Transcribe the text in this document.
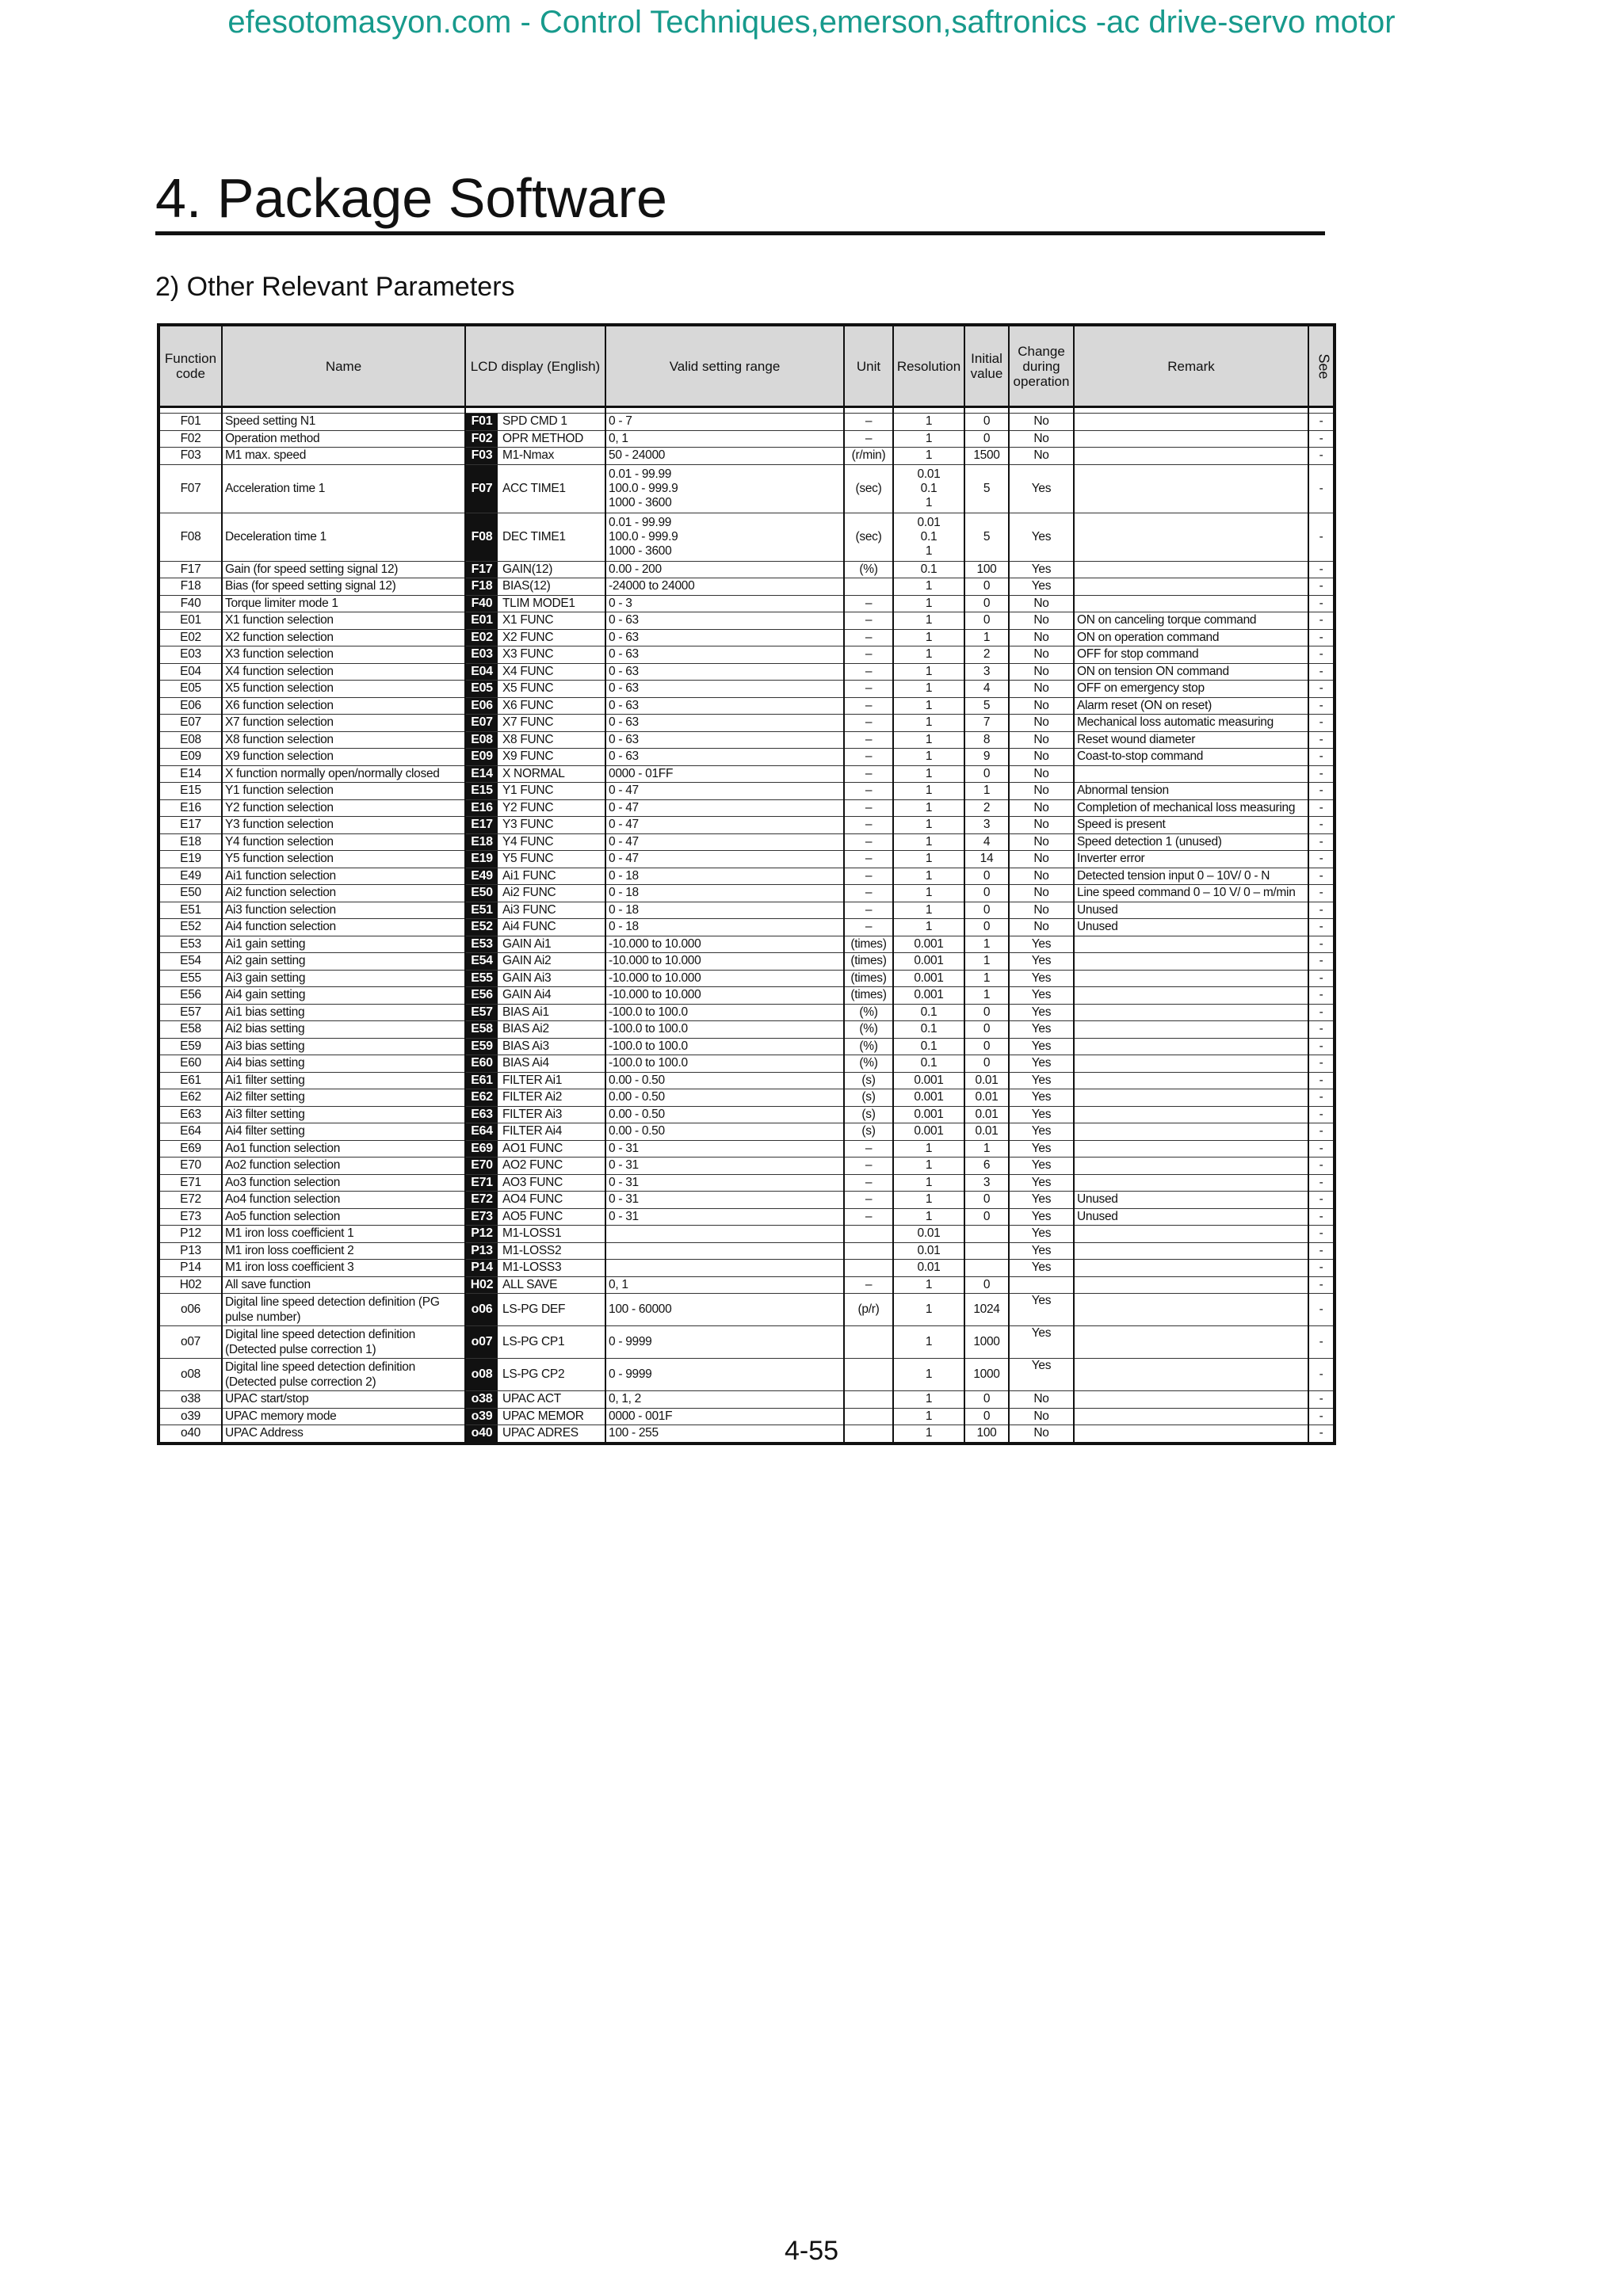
efesotomasyon.com - Control Techniques,emerson,saftronics -ac drive-servo motor
4. Package Software
2) Other Relevant Parameters
Function code	Name	LCD display (English)	Valid setting range	Unit	Resolution	Initial value	Change during operation	Remark	See

F01	Speed setting N1	F01 SPD CMD 1	0 - 7	–	1	0	No		-
F02	Operation method	F02 OPR METHOD	0, 1	–	1	0	No		-
F03	M1 max. speed	F03 M1-Nmax	50 - 24000	(r/min)	1	1500	No		-
F07	Acceleration time 1	F07 ACC TIME1	0.01 - 99.99
100.0 - 999.9
1000 - 3600	(sec)	0.01
0.1
1	5	Yes		-
F08	Deceleration time 1	F08 DEC TIME1	0.01 - 99.99
100.0 - 999.9
1000 - 3600	(sec)	0.01
0.1
1	5	Yes		-
F17	Gain (for speed setting signal 12)	F17 GAIN(12)	0.00 - 200	(%)	0.1	100	Yes		-
F18	Bias (for speed setting signal 12)	F18 BIAS(12)	-24000 to 24000		1	0	Yes		-
F40	Torque limiter mode 1	F40 TLIM MODE1	0 - 3	–	1	0	No		-
E01	X1 function selection	E01 X1 FUNC	0 - 63	–	1	0	No	ON on canceling torque command	-
E02	X2 function selection	E02 X2 FUNC	0 - 63	–	1	1	No	ON on operation command	-
E03	X3 function selection	E03 X3 FUNC	0 - 63	–	1	2	No	OFF for stop command	-
E04	X4 function selection	E04 X4 FUNC	0 - 63	–	1	3	No	ON on tension ON command	-
E05	X5 function selection	E05 X5 FUNC	0 - 63	–	1	4	No	OFF on emergency stop	-
E06	X6 function selection	E06 X6 FUNC	0 - 63	–	1	5	No	Alarm reset (ON on reset)	-
E07	X7 function selection	E07 X7 FUNC	0 - 63	–	1	7	No	Mechanical loss automatic measuring	-
E08	X8 function selection	E08 X8 FUNC	0 - 63	–	1	8	No	Reset wound diameter	-
E09	X9 function selection	E09 X9 FUNC	0 - 63	–	1	9	No	Coast-to-stop command	-
E14	X function normally open/normally closed	E14 X NORMAL	0000 - 01FF	–	1	0	No		-
E15	Y1 function selection	E15 Y1 FUNC	0 - 47	–	1	1	No	Abnormal tension	-
E16	Y2 function selection	E16 Y2 FUNC	0 - 47	–	1	2	No	Completion of mechanical loss measuring	-
E17	Y3 function selection	E17 Y3 FUNC	0 - 47	–	1	3	No	Speed is present	-
E18	Y4 function selection	E18 Y4 FUNC	0 - 47	–	1	4	No	Speed detection 1 (unused)	-
E19	Y5 function selection	E19 Y5 FUNC	0 - 47	–	1	14	No	Inverter error	-
E49	Ai1 function selection	E49 Ai1 FUNC	0 - 18	–	1	0	No	Detected tension input 0 – 10V/ 0 - N	-
E50	Ai2 function selection	E50 Ai2 FUNC	0 - 18	–	1	0	No	Line speed command 0 – 10 V/ 0 – m/min	-
E51	Ai3 function selection	E51 Ai3 FUNC	0 - 18	–	1	0	No	Unused	-
E52	Ai4 function selection	E52 Ai4 FUNC	0 - 18	–	1	0	No	Unused	-
E53	Ai1 gain setting	E53 GAIN Ai1	-10.000 to 10.000	(times)	0.001	1	Yes		-
E54	Ai2 gain setting	E54 GAIN Ai2	-10.000 to 10.000	(times)	0.001	1	Yes		-
E55	Ai3 gain setting	E55 GAIN Ai3	-10.000 to 10.000	(times)	0.001	1	Yes		-
E56	Ai4 gain setting	E56 GAIN Ai4	-10.000 to 10.000	(times)	0.001	1	Yes		-
E57	Ai1 bias setting	E57 BIAS Ai1	-100.0 to 100.0	(%)	0.1	0	Yes		-
E58	Ai2 bias setting	E58 BIAS Ai2	-100.0 to 100.0	(%)	0.1	0	Yes		-
E59	Ai3 bias setting	E59 BIAS Ai3	-100.0 to 100.0	(%)	0.1	0	Yes		-
E60	Ai4 bias setting	E60 BIAS Ai4	-100.0 to 100.0	(%)	0.1	0	Yes		-
E61	Ai1 filter setting	E61 FILTER Ai1	0.00 - 0.50	(s)	0.001	0.01	Yes		-
E62	Ai2 filter setting	E62 FILTER Ai2	0.00 - 0.50	(s)	0.001	0.01	Yes		-
E63	Ai3 filter setting	E63 FILTER Ai3	0.00 - 0.50	(s)	0.001	0.01	Yes		-
E64	Ai4 filter setting	E64 FILTER Ai4	0.00 - 0.50	(s)	0.001	0.01	Yes		-
E69	Ao1 function selection	E69 AO1 FUNC	0 - 31	–	1	1	Yes		-
E70	Ao2 function selection	E70 AO2 FUNC	0 - 31	–	1	6	Yes		-
E71	Ao3 function selection	E71 AO3 FUNC	0 - 31	–	1	3	Yes		-
E72	Ao4 function selection	E72 AO4 FUNC	0 - 31	–	1	0	Yes	Unused	-
E73	Ao5 function selection	E73 AO5 FUNC	0 - 31	–	1	0	Yes	Unused	-
P12	M1 iron loss coefficient 1	P12 M1-LOSS1			0.01		Yes		-
P13	M1 iron loss coefficient 2	P13 M1-LOSS2			0.01		Yes		-
P14	M1 iron loss coefficient 3	P14 M1-LOSS3			0.01		Yes		-
H02	All save function	H02 ALL SAVE	0, 1	–	1	0			-
o06	Digital line speed detection definition (PG pulse number)	o06 LS-PG DEF	100 - 60000	(p/r)	1	1024	Yes		-
o07	Digital line speed detection definition (Detected pulse correction 1)	o07 LS-PG CP1	0 - 9999		1	1000	Yes		-
o08	Digital line speed detection definition (Detected pulse correction 2)	o08 LS-PG CP2	0 - 9999		1	1000	Yes		-
o38	UPAC start/stop	o38 UPAC ACT	0, 1, 2		1	0	No		-
o39	UPAC memory mode	o39 UPAC MEMOR	0000 - 001F		1	0	No		-
o40	UPAC Address	o40 UPAC ADRES	100 - 255		1	100	No		-
4-55
